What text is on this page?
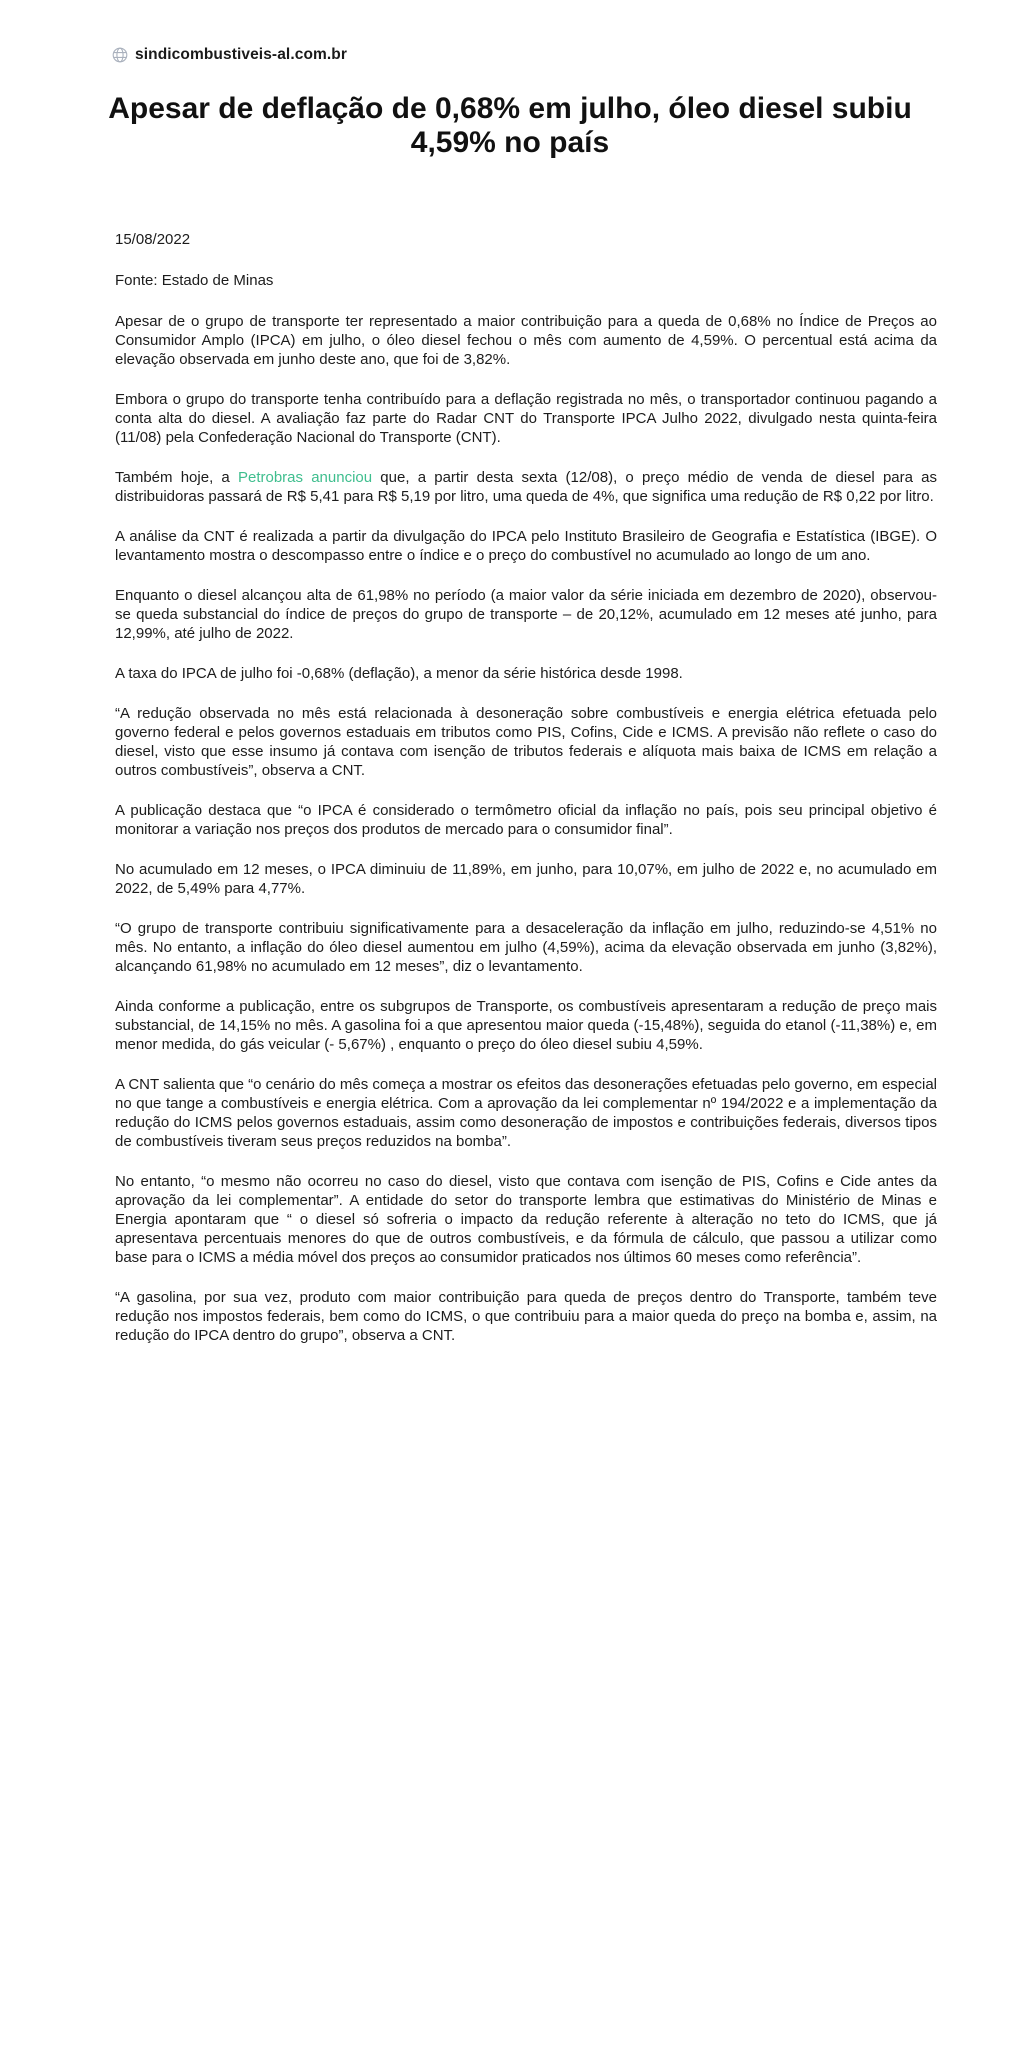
sindicombustiveis-al.com.br
Apesar de deflação de 0,68% em julho, óleo diesel subiu 4,59% no país
15/08/2022
Fonte: Estado de Minas

Apesar de o grupo de transporte ter representado a maior contribuição para a queda de 0,68% no Índice de Preços ao Consumidor Amplo (IPCA) em julho, o óleo diesel fechou o mês com aumento de 4,59%. O percentual está acima da elevação observada em junho deste ano, que foi de 3,82%.

Embora o grupo do transporte tenha contribuído para a deflação registrada no mês, o transportador continuou pagando a conta alta do diesel. A avaliação faz parte do Radar CNT do Transporte IPCA Julho 2022, divulgado nesta quinta-feira (11/08) pela Confederação Nacional do Transporte (CNT).

Também hoje, a Petrobras anunciou que, a partir desta sexta (12/08), o preço médio de venda de diesel para as distribuidoras passará de R$ 5,41 para R$ 5,19 por litro, uma queda de 4%, que significa uma redução de R$ 0,22 por litro.

A análise da CNT é realizada a partir da divulgação do IPCA pelo Instituto Brasileiro de Geografia e Estatística (IBGE). O levantamento mostra o descompasso entre o índice e o preço do combustível no acumulado ao longo de um ano.

Enquanto o diesel alcançou alta de 61,98% no período (a maior valor da série iniciada em dezembro de 2020), observou-se queda substancial do índice de preços do grupo de transporte – de 20,12%, acumulado em 12 meses até junho, para 12,99%, até julho de 2022.

A taxa do IPCA de julho foi -0,68% (deflação), a menor da série histórica desde 1998.

“A redução observada no mês está relacionada à desoneração sobre combustíveis e energia elétrica efetuada pelo governo federal e pelos governos estaduais em tributos como PIS, Cofins, Cide e ICMS. A previsão não reflete o caso do diesel, visto que esse insumo já contava com isenção de tributos federais e alíquota mais baixa de ICMS em relação a outros combustíveis”, observa a CNT.

A publicação destaca que “o IPCA é considerado o termômetro oficial da inflação no país, pois seu principal objetivo é monitorar a variação nos preços dos produtos de mercado para o consumidor final”.

No acumulado em 12 meses, o IPCA diminuiu de 11,89%, em junho, para 10,07%, em julho de 2022 e, no acumulado em 2022, de 5,49% para 4,77%.

“O grupo de transporte contribuiu significativamente para a desaceleração da inflação em julho, reduzindo-se 4,51% no mês. No entanto, a inflação do óleo diesel aumentou em julho (4,59%), acima da elevação observada em junho (3,82%), alcançando 61,98% no acumulado em 12 meses”, diz o levantamento.

Ainda conforme a publicação, entre os subgrupos de Transporte, os combustíveis apresentaram a redução de preço mais substancial, de 14,15% no mês. A gasolina foi a que apresentou maior queda (-15,48%), seguida do etanol (-11,38%) e, em menor medida, do gás veicular (- 5,67%) , enquanto o preço do óleo diesel subiu 4,59%.

A CNT salienta que “o cenário do mês começa a mostrar os efeitos das desonerações efetuadas pelo governo, em especial no que tange a combustíveis e energia elétrica. Com a aprovação da lei complementar nº 194/2022 e a implementação da redução do ICMS pelos governos estaduais, assim como desoneração de impostos e contribuições federais, diversos tipos de combustíveis tiveram seus preços reduzidos na bomba”.

No entanto, “o mesmo não ocorreu no caso do diesel, visto que contava com isenção de PIS, Cofins e Cide antes da aprovação da lei complementar”. A entidade do setor do transporte lembra que estimativas do Ministério de Minas e Energia apontaram que “ o diesel só sofreria o impacto da redução referente à alteração no teto do ICMS, que já apresentava percentuais menores do que de outros combustíveis, e da fórmula de cálculo, que passou a utilizar como base para o ICMS a média móvel dos preços ao consumidor praticados nos últimos 60 meses como referência”.

“A gasolina, por sua vez, produto com maior contribuição para queda de preços dentro do Transporte, também teve redução nos impostos federais, bem como do ICMS, o que contribuiu para a maior queda do preço na bomba e, assim, na redução do IPCA dentro do grupo”, observa a CNT.
